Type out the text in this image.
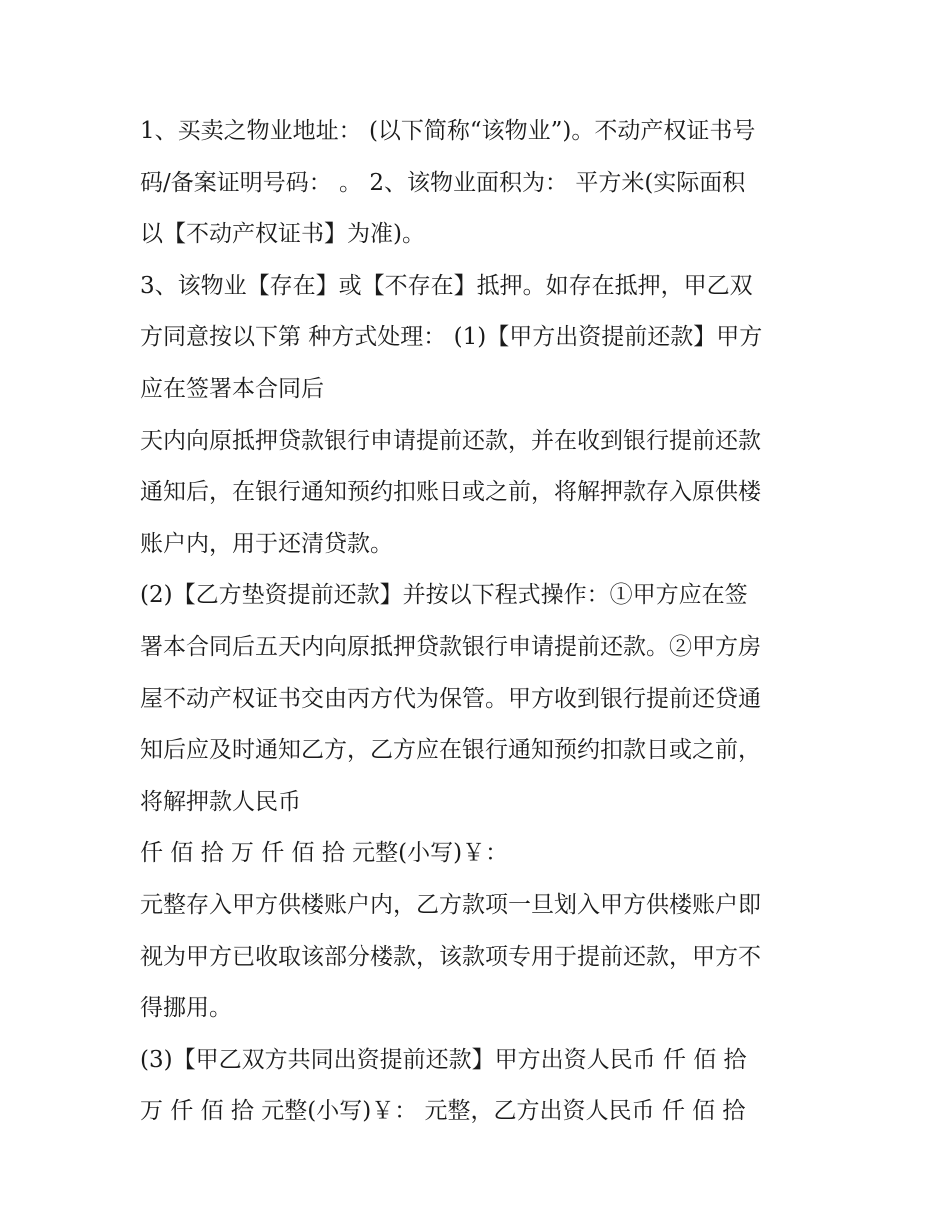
1、买卖之物业地址： (以下简称“该物业”)。不动产权证书号
码/备案证明号码： 。 2、该物业面积为： 平方米(实际面积
以【不动产权证书】为准)。
3、该物业【存在】或【不存在】抵押。如存在抵押，甲乙双
方同意按以下第 种方式处理： (1)【甲方出资提前还款】甲方
应在签署本合同后
天内向原抵押贷款银行申请提前还款，并在收到银行提前还款
通知后，在银行通知预约扣账日或之前，将解押款存入原供楼
账户内，用于还清贷款。
(2)【乙方垫资提前还款】并按以下程式操作：①甲方应在签
署本合同后五天内向原抵押贷款银行申请提前还款。②甲方房
屋不动产权证书交由丙方代为保管。甲方收到银行提前还贷通
知后应及时通知乙方，乙方应在银行通知预约扣款日或之前，
将解押款人民币
仟 佰 拾 万 仟 佰 拾 元整(小写)￥：
元整存入甲方供楼账户内，乙方款项一旦划入甲方供楼账户即
视为甲方已收取该部分楼款，该款项专用于提前还款，甲方不
得挪用。
(3)【甲乙双方共同出资提前还款】甲方出资人民币 仟 佰 拾
万 仟 佰 拾 元整(小写)￥： 元整，乙方出资人民币 仟 佰 拾
